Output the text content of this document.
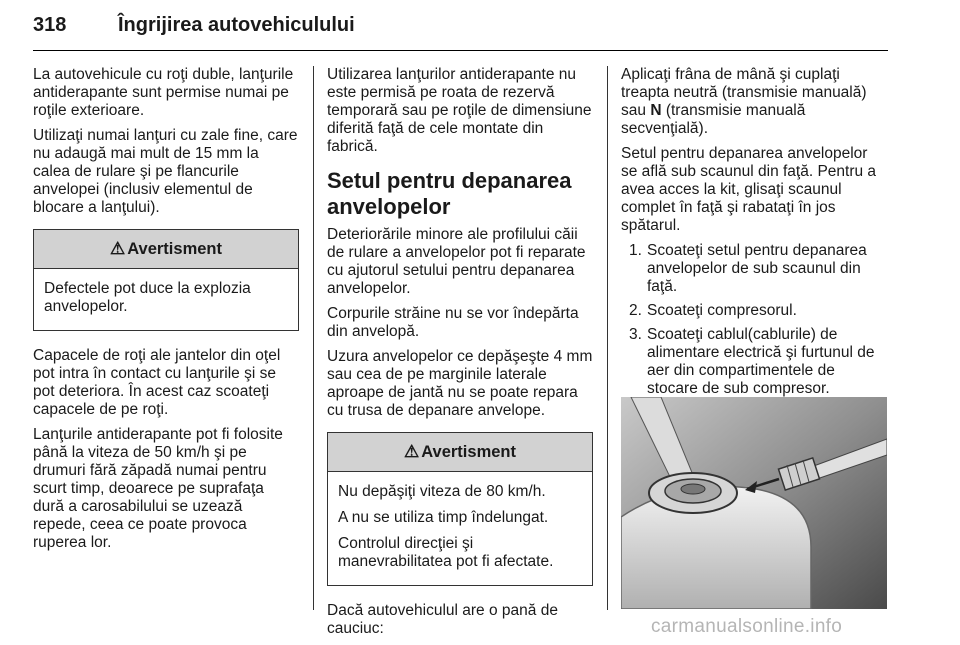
318	Îngrijirea autovehiculului

La autovehicule cu roţi duble, lanţurile antiderapante sunt permise numai pe roţile exterioare.

Utilizaţi numai lanţuri cu zale fine, care nu adaugă mai mult de 15 mm la calea de rulare şi pe flancurile anvelopei (inclusiv elementul de blocare a lanţului).

⚠ Avertisment

Defectele pot duce la explozia anvelopelor.

Capacele de roţi ale jantelor din oţel pot intra în contact cu lanţurile şi se pot deteriora. În acest caz scoateţi capacele de pe roţi.

Lanţurile antiderapante pot fi folosite până la viteza de 50 km/h şi pe drumuri fără zăpadă numai pentru scurt timp, deoarece pe suprafaţa dură a carosabilului se uzează repede, ceea ce poate provoca ruperea lor.

Utilizarea lanţurilor antiderapante nu este permisă pe roata de rezervă temporară sau pe roţile de dimensiune diferită faţă de cele montate din fabrică.

Setul pentru depanarea anvelopelor

Deteriorările minore ale profilului căii de rulare a anvelopelor pot fi reparate cu ajutorul setului pentru depanarea anvelopelor.

Corpurile străine nu se vor îndepărta din anvelopă.

Uzura anvelopelor ce depăşeşte 4 mm sau cea de pe marginile laterale aproape de jantă nu se poate repara cu trusa de depanare anvelope.

⚠ Avertisment

Nu depăşiţi viteza de 80 km/h.

A nu se utiliza timp îndelungat.

Controlul direcţiei şi manevrabilitatea pot fi afectate.

Dacă autovehiculul are o pană de cauciuc:

Aplicaţi frâna de mână şi cuplaţi treapta neutră (transmisie manuală) sau N (transmisie manuală secvenţială).

Setul pentru depanarea anvelopelor se află sub scaunul din faţă. Pentru a avea acces la kit, glisaţi scaunul complet în faţă şi rabataţi în jos spătarul.

1. Scoateţi setul pentru depanarea anvelopelor de sub scaunul din faţă.
2. Scoateţi compresorul.
3. Scoateţi cablul(cablurile) de alimentare electrică şi furtunul de aer din compartimentele de stocare de sub compresor.
carmanualsonline.info
